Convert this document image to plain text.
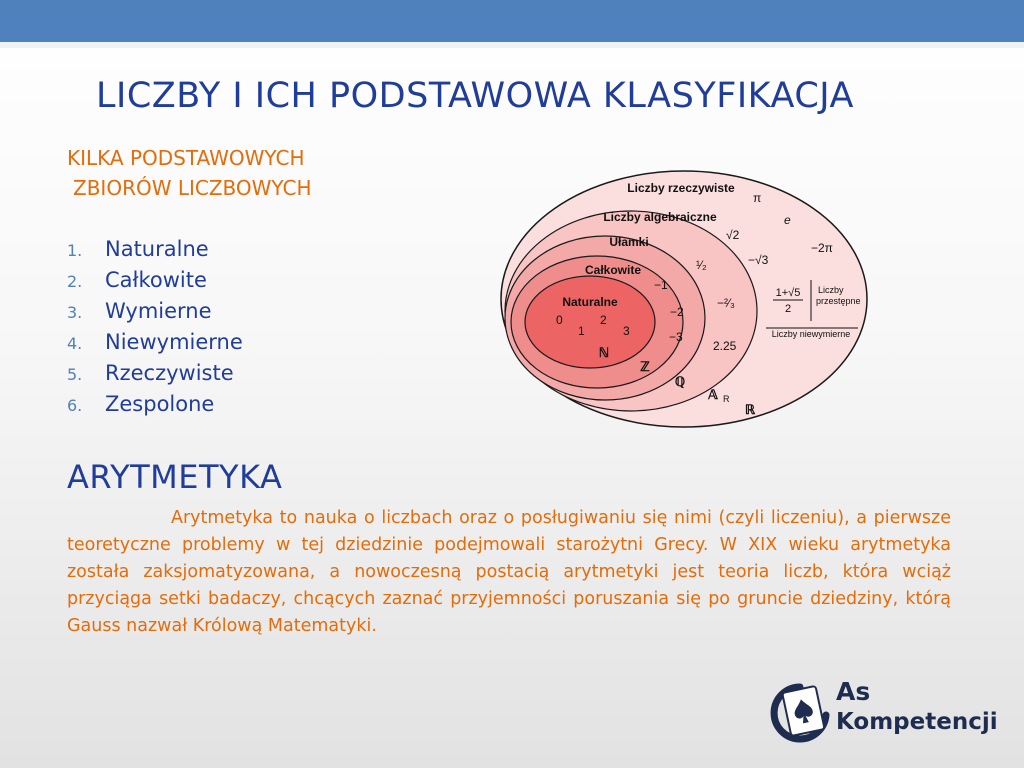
LICZBY I ICH PODSTAWOWA KLASYFIKACJA
KILKA PODSTAWOWYCH
ZBIORÓW LICZBOWYCH
1. Naturalne
2. Całkowite
3. Wymierne
4. Niewymierne
5. Rzeczywiste
6. Zespolone
Liczby rzeczywiste
Liczby algebraiczne
Ułamki
Całkowite
Naturalne
0
1
2
3
ℕ
−1
−2
−3
ℤ
¹⁄₂
−²⁄₃
2.25
ℚ
√2
−√3
𝔸 R
π
e
−2π
1+√5
2
ℝ
Liczby
przestępne
Liczby niewymierne
ARYTMETYKA

Arytmetyka to nauka o liczbach oraz o posługiwaniu się nimi (czyli liczeniu), a pierwsze teoretyczne problemy w tej dziedzinie podejmowali starożytni Grecy. W XIX wieku arytmetyka została zaksjomatyzowana, a nowoczesną postacią arytmetyki jest teoria liczb, która wciąż przyciąga setki badaczy, chcących zaznać przyjemności poruszania się po gruncie dziedziny, którą Gauss nazwał Królową Matematyki.

As
Kompetencji
